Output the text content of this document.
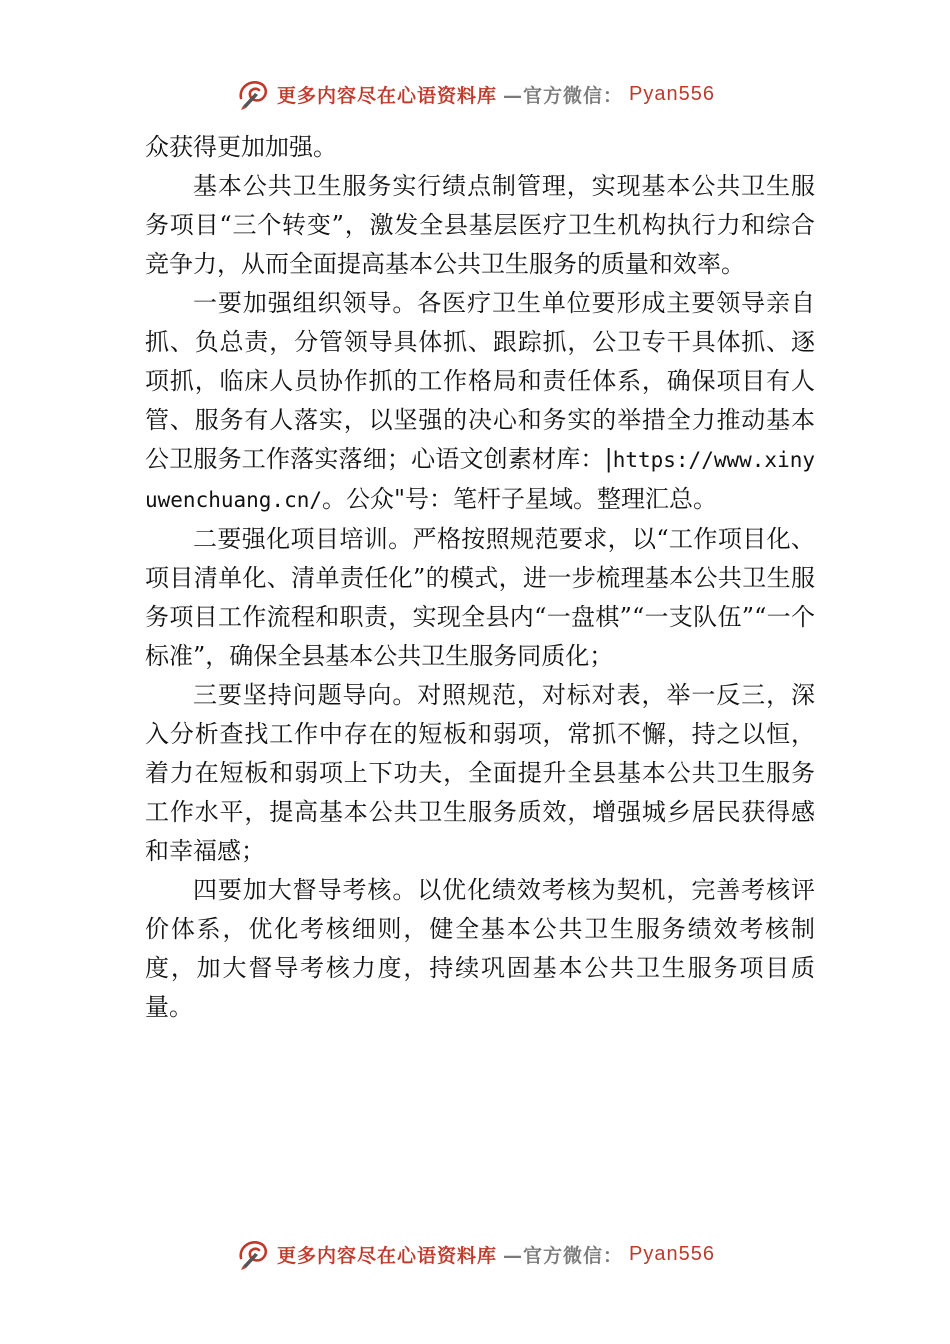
更多内容尽在心语资料库 —官方微信： Pyan556

众获得更加加强。

基本公共卫生服务实行绩点制管理，实现基本公共卫生服务项目“三个转变”，激发全县基层医疗卫生机构执行力和综合竞争力，从而全面提高基本公共卫生服务的质量和效率。

一要加强组织领导。各医疗卫生单位要形成主要领导亲自抓、负总责，分管领导具体抓、跟踪抓，公卫专干具体抓、逐项抓，临床人员协作抓的工作格局和责任体系，确保项目有人管、服务有人落实，以坚强的决心和务实的举措全力推动基本公卫服务工作落实落细；心语文创素材库：|https://www.xinyuwenchuang.cn/。公众"号：笔杆子星域。整理汇总。

二要强化项目培训。严格按照规范要求，以“工作项目化、项目清单化、清单责任化”的模式，进一步梳理基本公共卫生服务项目工作流程和职责，实现全县内“一盘棋”“一支队伍”“一个标准”，确保全县基本公共卫生服务同质化；

三要坚持问题导向。对照规范，对标对表，举一反三，深入分析查找工作中存在的短板和弱项，常抓不懈，持之以恒，着力在短板和弱项上下功夫，全面提升全县基本公共卫生服务工作水平，提高基本公共卫生服务质效，增强城乡居民获得感和幸福感；

四要加大督导考核。以优化绩效考核为契机，完善考核评价体系，优化考核细则，健全基本公共卫生服务绩效考核制度，加大督导考核力度，持续巩固基本公共卫生服务项目质量。

更多内容尽在心语资料库 —官方微信： Pyan556
